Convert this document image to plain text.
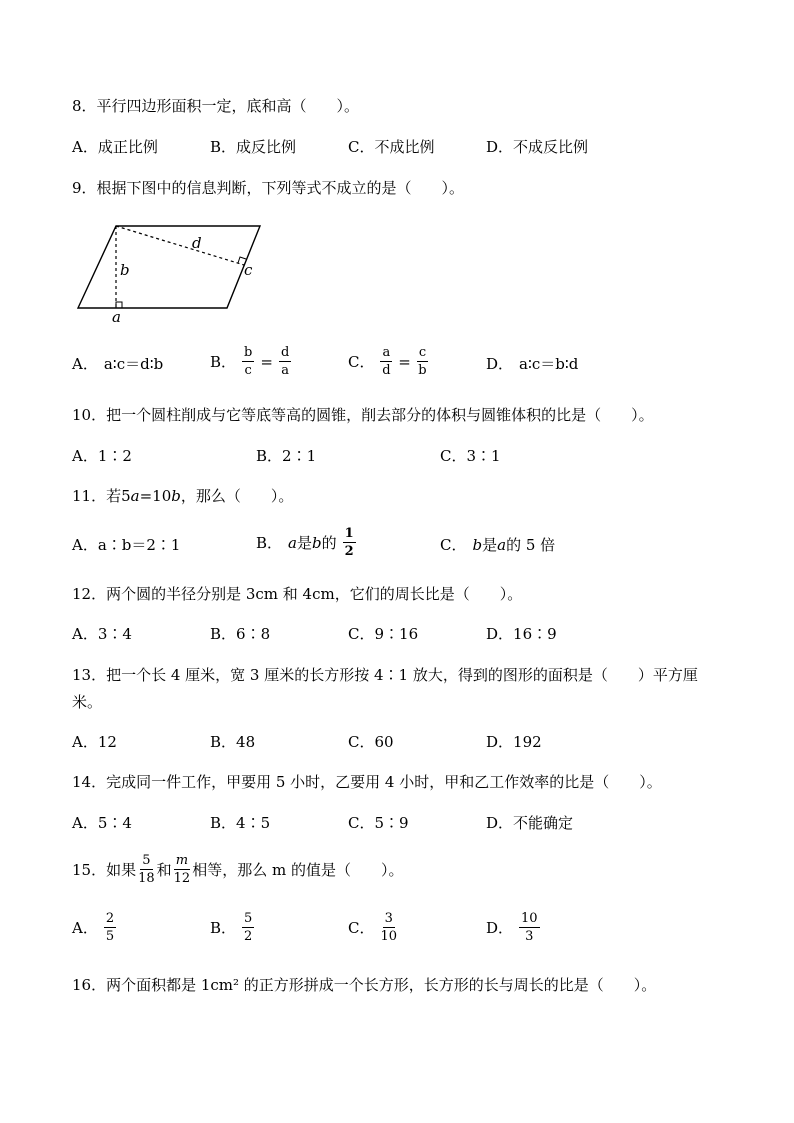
8．平行四边形面积一定，底和高（　　）。
A．成正比例	B．成反比例	C．不成比例	D．不成反比例
9．根据下图中的信息判断，下列等式不成立的是（　　）。
b
d
c
a
A． a∶c＝d∶b	B． $\frac{b}{c} = \frac{d}{a}$	C． $\frac{a}{d} = \frac{c}{b}$	D． a∶c＝b∶d
10．把一个圆柱削成与它等底等高的圆锥，削去部分的体积与圆锥体积的比是（　　）。
A．1∶2	B．2∶1	C．3∶1
11．若5a=10b，那么（　　）。
A．a∶b＝2∶1	B． a是b的 $\frac{1}{2}$	C． b是a的 5 倍
12．两个圆的半径分别是 3cm 和 4cm，它们的周长比是（　　）。
A．3∶4	B．6∶8	C．9∶16	D．16∶9
13．把一个长 4 厘米，宽 3 厘米的长方形按 4∶1 放大，得到的图形的面积是（　　）平方厘
米。
A．12	B．48	C．60	D．192
14．完成同一件工作，甲要用 5 小时，乙要用 4 小时，甲和乙工作效率的比是（　　）。
A．5∶4	B．4∶5	C．5∶9	D．不能确定
15．如果 $\frac{5}{18}$ 和 $\frac{m}{12}$ 相等，那么 m 的值是（　　）。
A． $\frac{2}{5}$	B． $\frac{5}{2}$	C． $\frac{3}{10}$	D． $\frac{10}{3}$
16．两个面积都是 1cm² 的正方形拼成一个长方形，长方形的长与周长的比是（　　）。
